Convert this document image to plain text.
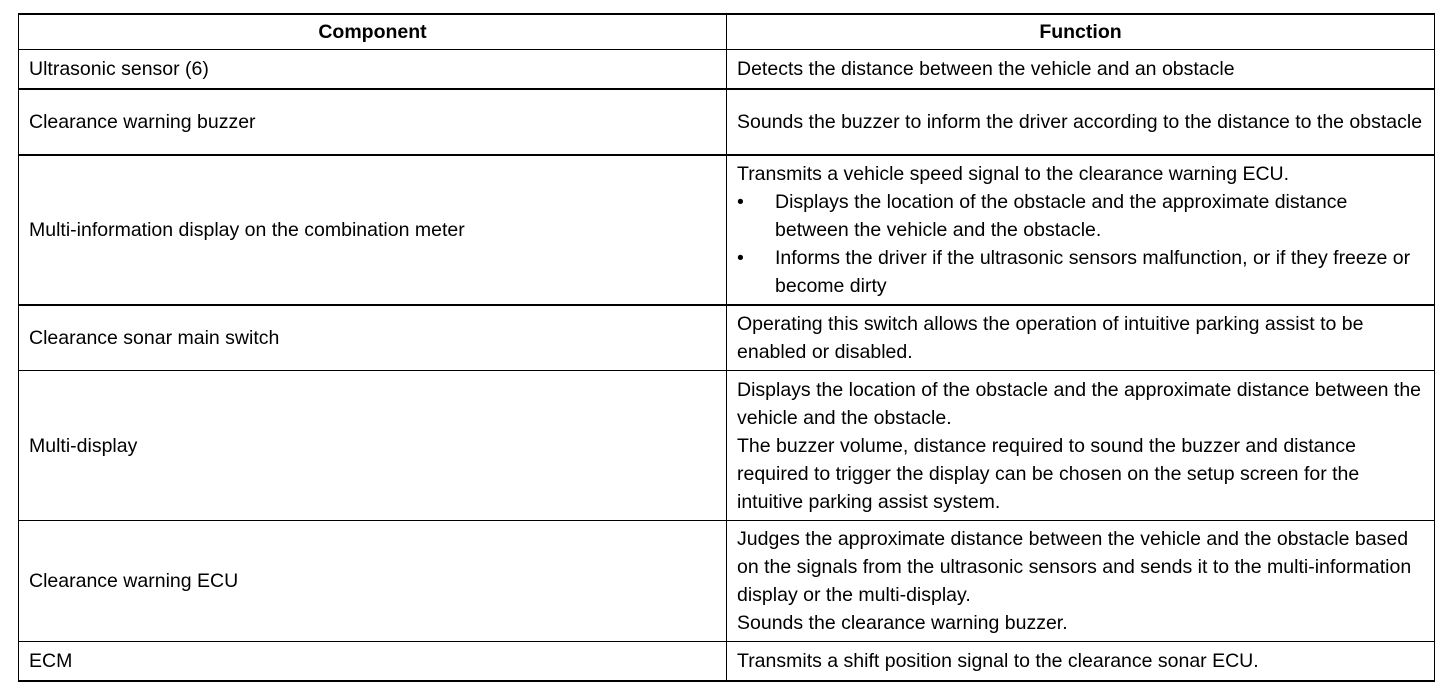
Component	Function
Ultrasonic sensor (6)	Detects the distance between the vehicle and an obstacle
Clearance warning buzzer	Sounds the buzzer to inform the driver according to the distance to the obstacle
Multi-information display on the combination meter	Transmits a vehicle speed signal to the clearance warning ECU.
• Displays the location of the obstacle and the approximate distance between the vehicle and the obstacle.
• Informs the driver if the ultrasonic sensors malfunction, or if they freeze or become dirty

Clearance sonar main switch	Operating this switch allows the operation of intuitive parking assist to be enabled or disabled.
Multi-display	Displays the location of the obstacle and the approximate distance between the vehicle and the obstacle.
The buzzer volume, distance required to sound the buzzer and distance required to trigger the display can be chosen on the setup screen for the intuitive parking assist system.

Clearance warning ECU	Judges the approximate distance between the vehicle and the obstacle based on the signals from the ultrasonic sensors and sends it to the multi-information display or the multi-display.
Sounds the clearance warning buzzer.

ECM	Transmits a shift position signal to the clearance sonar ECU.
